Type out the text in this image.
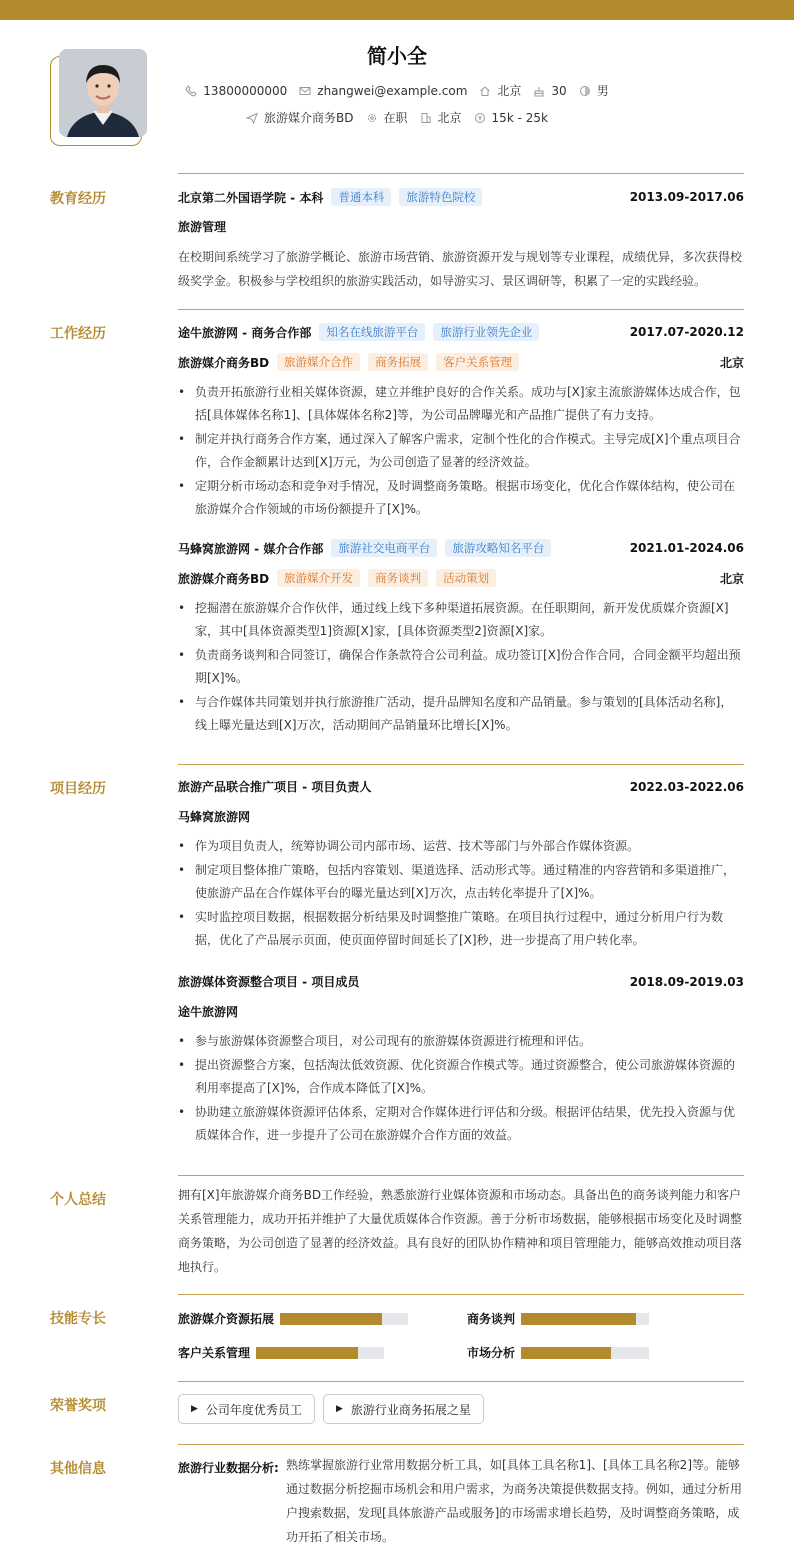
简小全
13800000000	zhangwei@example.com	北京	30	男
旅游媒介商务BD	在职	北京	15k - 25k
教育经历	北京第二外国语学院 - 本科	普通本科	旅游特色院校	2013.09-2017.06
旅游管理
在校期间系统学习了旅游学概论、旅游市场营销、旅游资源开发与规划等专业课程，成绩优异，多次获得校级奖学金。积极参与学校组织的旅游实践活动，如导游实习、景区调研等，积累了一定的实践经验。
工作经历	途牛旅游网 - 商务合作部	知名在线旅游平台	旅游行业领先企业	2017.07-2020.12
旅游媒介商务BD	旅游媒介合作	商务拓展	客户关系管理	北京
• 负责开拓旅游行业相关媒体资源，建立并维护良好的合作关系。成功与[X]家主流旅游媒体达成合作，包括[具体媒体名称1]、[具体媒体名称2]等，为公司品牌曝光和产品推广提供了有力支持。
• 制定并执行商务合作方案，通过深入了解客户需求，定制个性化的合作模式。主导完成[X]个重点项目合作，合作金额累计达到[X]万元，为公司创造了显著的经济效益。
• 定期分析市场动态和竞争对手情况，及时调整商务策略。根据市场变化，优化合作媒体结构，使公司在旅游媒介合作领域的市场份额提升了[X]%。
马蜂窝旅游网 - 媒介合作部	旅游社交电商平台	旅游攻略知名平台	2021.01-2024.06
旅游媒介商务BD	旅游媒介开发	商务谈判	活动策划	北京
• 挖掘潜在旅游媒介合作伙伴，通过线上线下多种渠道拓展资源。在任职期间，新开发优质媒介资源[X]家，其中[具体资源类型1]资源[X]家，[具体资源类型2]资源[X]家。
• 负责商务谈判和合同签订，确保合作条款符合公司利益。成功签订[X]份合作合同，合同金额平均超出预期[X]%。
• 与合作媒体共同策划并执行旅游推广活动，提升品牌知名度和产品销量。参与策划的[具体活动名称]，线上曝光量达到[X]万次，活动期间产品销量环比增长[X]%。
项目经历	旅游产品联合推广项目 - 项目负责人	2022.03-2022.06
马蜂窝旅游网
• 作为项目负责人，统筹协调公司内部市场、运营、技术等部门与外部合作媒体资源。
• 制定项目整体推广策略，包括内容策划、渠道选择、活动形式等。通过精准的内容营销和多渠道推广，使旅游产品在合作媒体平台的曝光量达到[X]万次，点击转化率提升了[X]%。
• 实时监控项目数据，根据数据分析结果及时调整推广策略。在项目执行过程中，通过分析用户行为数据，优化了产品展示页面，使页面停留时间延长了[X]秒，进一步提高了用户转化率。
旅游媒体资源整合项目 - 项目成员	2018.09-2019.03
途牛旅游网
• 参与旅游媒体资源整合项目，对公司现有的旅游媒体资源进行梳理和评估。
• 提出资源整合方案，包括淘汰低效资源、优化资源合作模式等。通过资源整合，使公司旅游媒体资源的利用率提高了[X]%，合作成本降低了[X]%。
• 协助建立旅游媒体资源评估体系，定期对合作媒体进行评估和分级。根据评估结果，优先投入资源与优质媒体合作，进一步提升了公司在旅游媒介合作方面的效益。
个人总结	拥有[X]年旅游媒介商务BD工作经验，熟悉旅游行业媒体资源和市场动态。具备出色的商务谈判能力和客户关系管理能力，成功开拓并维护了大量优质媒体合作资源。善于分析市场数据，能够根据市场变化及时调整商务策略，为公司创造了显著的经济效益。具有良好的团队协作精神和项目管理能力，能够高效推动项目落地执行。
技能专长	旅游媒介资源拓展	商务谈判
客户关系管理	市场分析
荣誉奖项	▶ 公司年度优秀员工	▶ 旅游行业商务拓展之星
其他信息	旅游行业数据分析: 熟练掌握旅游行业常用数据分析工具，如[具体工具名称1]、[具体工具名称2]等。能够通过数据分析挖掘市场机会和用户需求，为商务决策提供数据支持。例如，通过分析用户搜索数据，发现[具体旅游产品或服务]的市场需求增长趋势，及时调整商务策略，成功开拓了相关市场。
